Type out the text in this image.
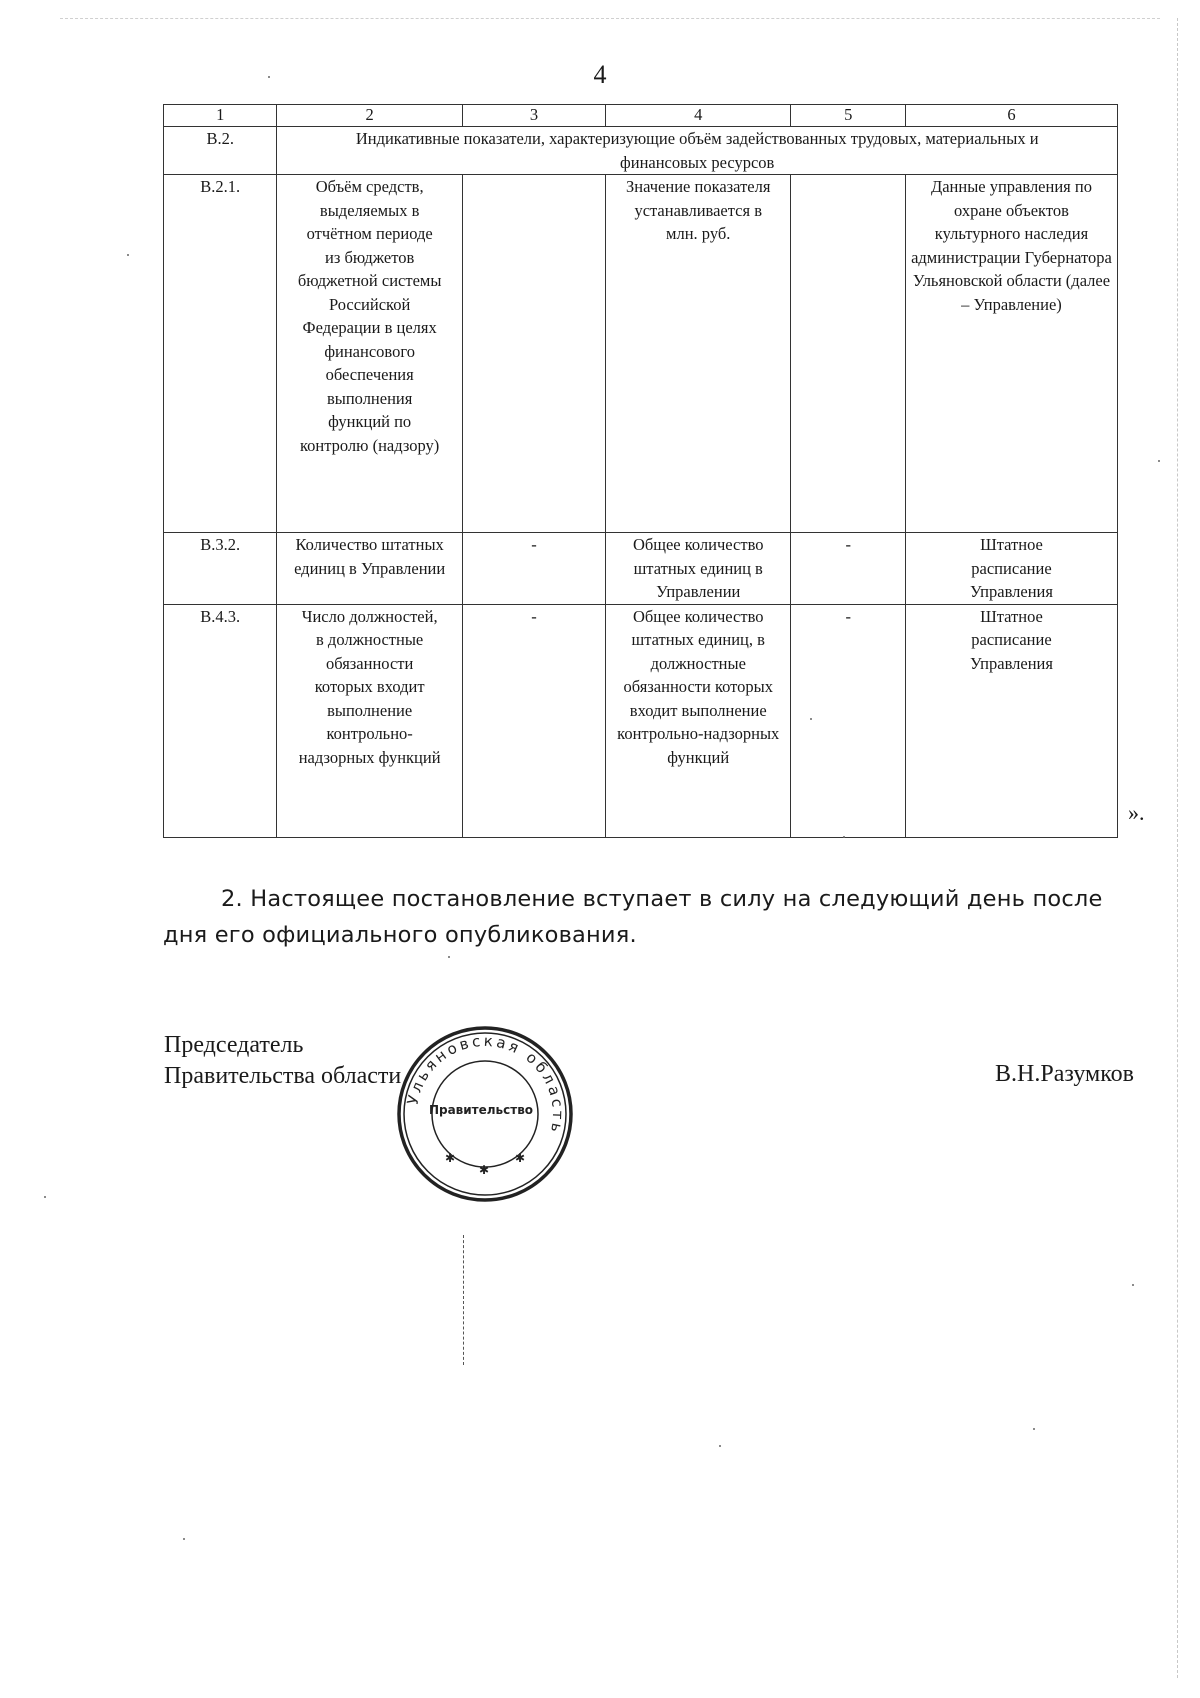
4
1	2	3	4	5	6
В.2.	Индикативные показатели, характеризующие объём задействованных трудовых, материальных и финансовых ресурсов				
В.2.1.	Объём средств, выделяемых в отчётном периоде из бюджетов бюджетной системы Российской Федерации в целях финансового обеспечения выполнения функций по контролю (надзору)		Значение показателя устанавливается в млн. руб.		Данные управления по охране объектов культурного наследия администрации Губернатора Ульяновской области (далее – Управление)
В.3.2.	Количество штатных единиц в Управлении	-	Общее количество штатных единиц в Управлении	-	Штатное расписание Управления
В.4.3.	Число должностей, в должностные обязанности которых входит выполнение контрольно-надзорных функций	-	Общее количество штатных единиц, в должностные обязанности которых входит выполнение контрольно-надзорных функций	-	Штатное расписание Управления
».

2. Настоящее постановление вступает в силу на следующий день после дня его официального опубликования.

Председатель
Правительства области	В.Н.Разумков
Ульяновская область
Правительство
✱
✱
✱
